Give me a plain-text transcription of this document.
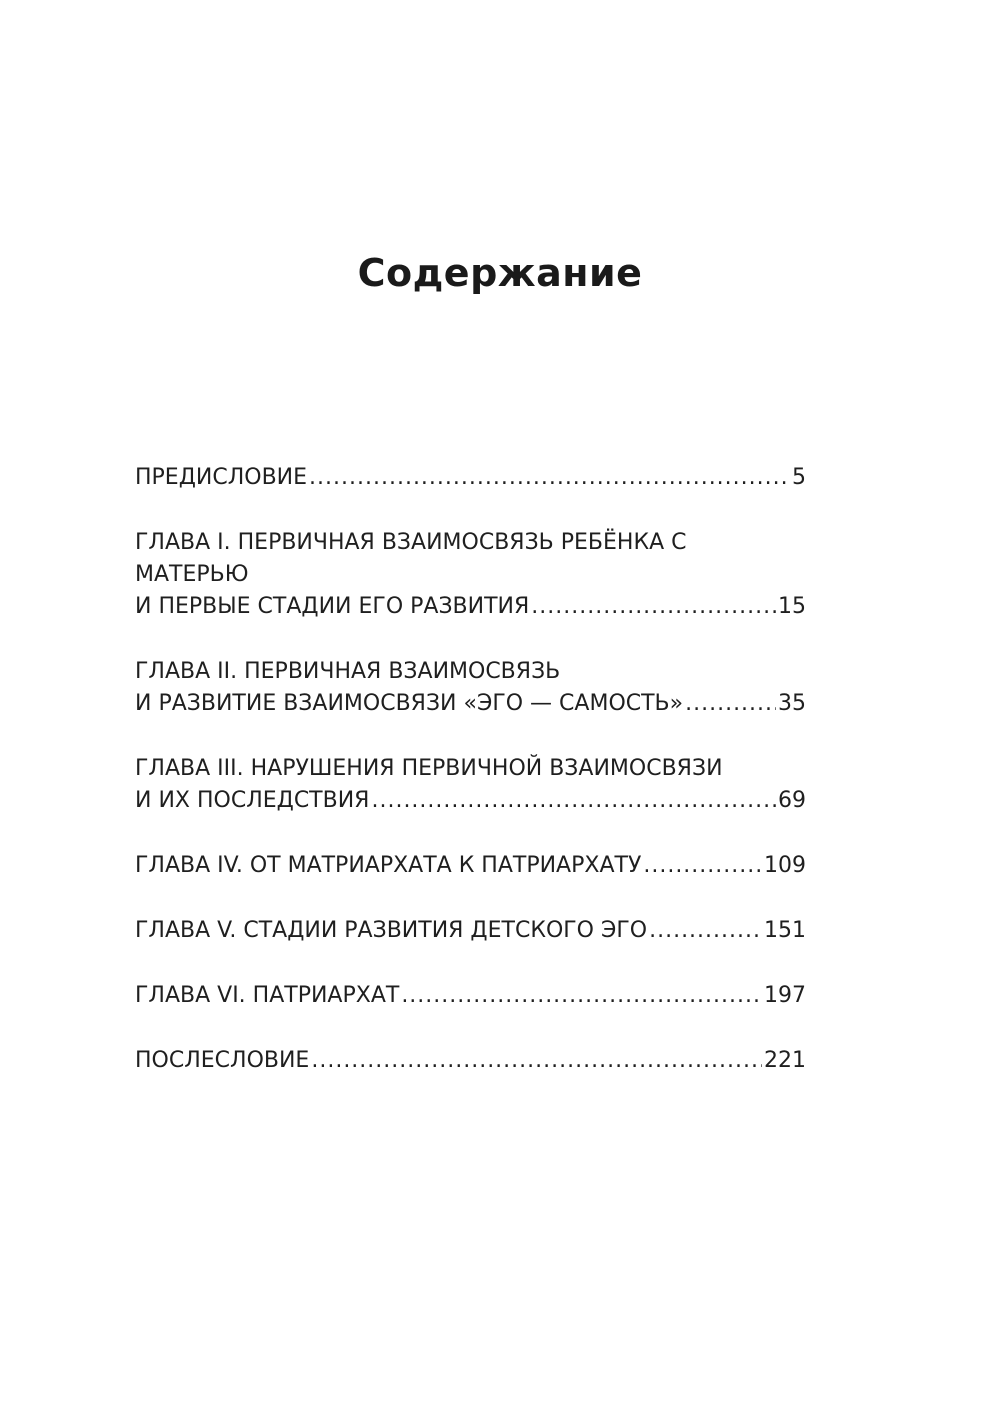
Содержание
ПРЕДИСЛОВИЕ .....	5
ГЛАВА I. ПЕРВИЧНАЯ ВЗАИМОСВЯЗЬ РЕБЁНКА С МАТЕРЬЮ
И ПЕРВЫЕ СТАДИИ ЕГО РАЗВИТИЯ .....	15
ГЛАВА II. ПЕРВИЧНАЯ ВЗАИМОСВЯЗЬ
И РАЗВИТИЕ ВЗАИМОСВЯЗИ «ЭГО — САМОСТЬ» .....	35
ГЛАВА III. НАРУШЕНИЯ ПЕРВИЧНОЙ ВЗАИМОСВЯЗИ
И ИХ ПОСЛЕДСТВИЯ .....	69
ГЛАВА IV. ОТ МАТРИАРХАТА К ПАТРИАРХАТУ .....	109
ГЛАВА V. СТАДИИ РАЗВИТИЯ ДЕТСКОГО ЭГО .....	151
ГЛАВА VI. ПАТРИАРХАТ .....	197
ПОСЛЕСЛОВИЕ .....	221
